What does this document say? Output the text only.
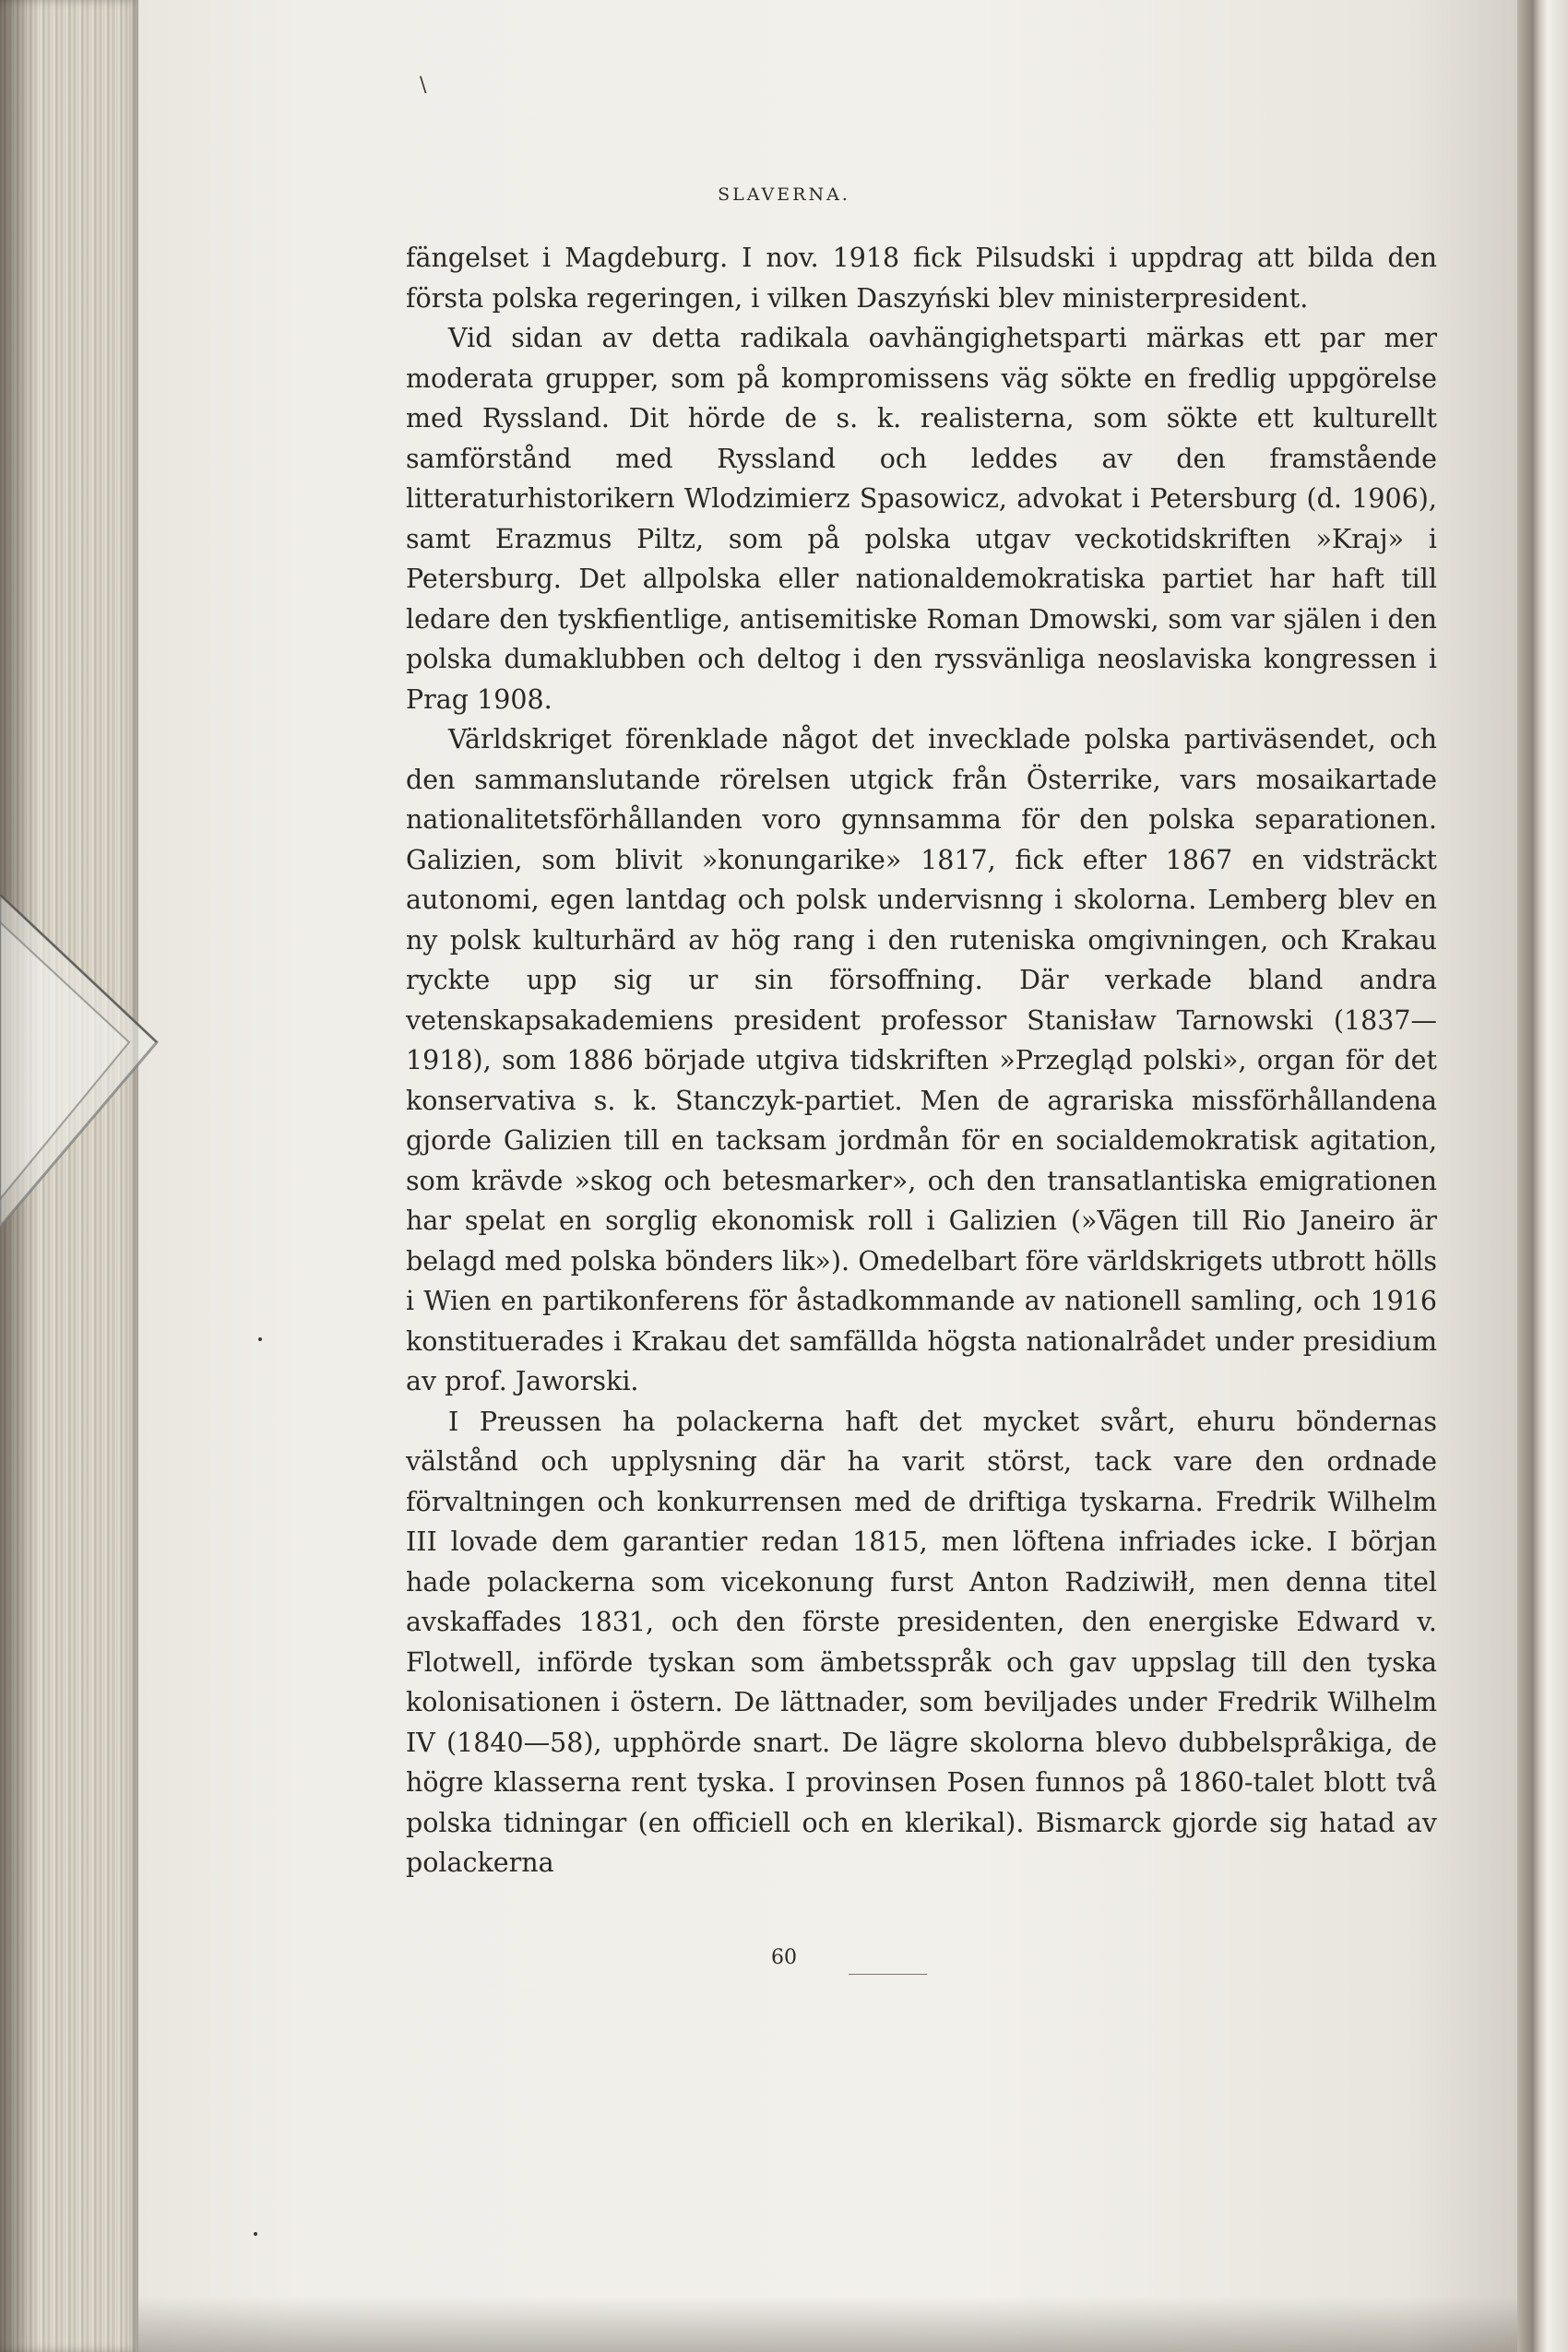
\
SLAVERNA.

fängelset i Magdeburg. I nov. 1918 fick Pilsudski i uppdrag att bilda den första polska regeringen, i vilken Daszyński blev ministerpresident.

Vid sidan av detta radikala oavhängighetsparti märkas ett par mer moderata grupper, som på kompromissens väg sökte en fredlig uppgörelse med Ryssland. Dit hörde de s. k. realisterna, som sökte ett kulturellt samförstånd med Ryssland och leddes av den framstående litteraturhistorikern Wlodzimierz Spasowicz, advokat i Petersburg (d. 1906), samt Erazmus Piltz, som på polska utgav veckotidskriften »Kraj» i Petersburg. Det allpolska eller nationaldemokratiska partiet har haft till ledare den tyskfientlige, antisemitiske Roman Dmowski, som var själen i den polska dumaklubben och deltog i den ryssvänliga neoslaviska kongressen i Prag 1908.

Världskriget förenklade något det invecklade polska partiväsendet, och den sammanslutande rörelsen utgick från Österrike, vars mosaikartade nationalitetsförhållanden voro gynnsamma för den polska separationen. Galizien, som blivit »konungarike» 1817, fick efter 1867 en vidsträckt autonomi, egen lantdag och polsk undervisnng i skolorna. Lemberg blev en ny polsk kulturhärd av hög rang i den ruteniska omgivningen, och Krakau ryckte upp sig ur sin försoffning. Där verkade bland andra vetenskapsakademiens president professor Stanisław Tarnowski (1837—1918), som 1886 började utgiva tidskriften »Przegląd polski», organ för det konservativa s. k. Stanczyk-partiet. Men de agrariska missförhållandena gjorde Galizien till en tacksam jordmån för en socialdemokratisk agitation, som krävde »skog och betesmarker», och den transatlantiska emigrationen har spelat en sorglig ekonomisk roll i Galizien (»Vägen till Rio Janeiro är belagd med polska bönders lik»). Omedelbart före världskrigets utbrott hölls i Wien en partikonferens för åstadkommande av nationell samling, och 1916 konstituerades i Krakau det samfällda högsta nationalrådet under presidium av prof. Jaworski.

I Preussen ha polackerna haft det mycket svårt, ehuru böndernas välstånd och upplysning där ha varit störst, tack vare den ordnade förvaltningen och konkurrensen med de driftiga tyskarna. Fredrik Wilhelm III lovade dem garantier redan 1815, men löftena infriades icke. I början hade polackerna som vicekonung furst Anton Radziwiłł, men denna titel avskaffades 1831, och den förste presidenten, den energiske Edward v. Flotwell, införde tyskan som ämbetsspråk och gav uppslag till den tyska kolonisationen i östern. De lättnader, som beviljades under Fredrik Wilhelm IV (1840—58), upphörde snart. De lägre skolorna blevo dubbelspråkiga, de högre klasserna rent tyska. I provinsen Posen funnos på 1860-talet blott två polska tidningar (en officiell och en klerikal). Bismarck gjorde sig hatad av polackerna

60
